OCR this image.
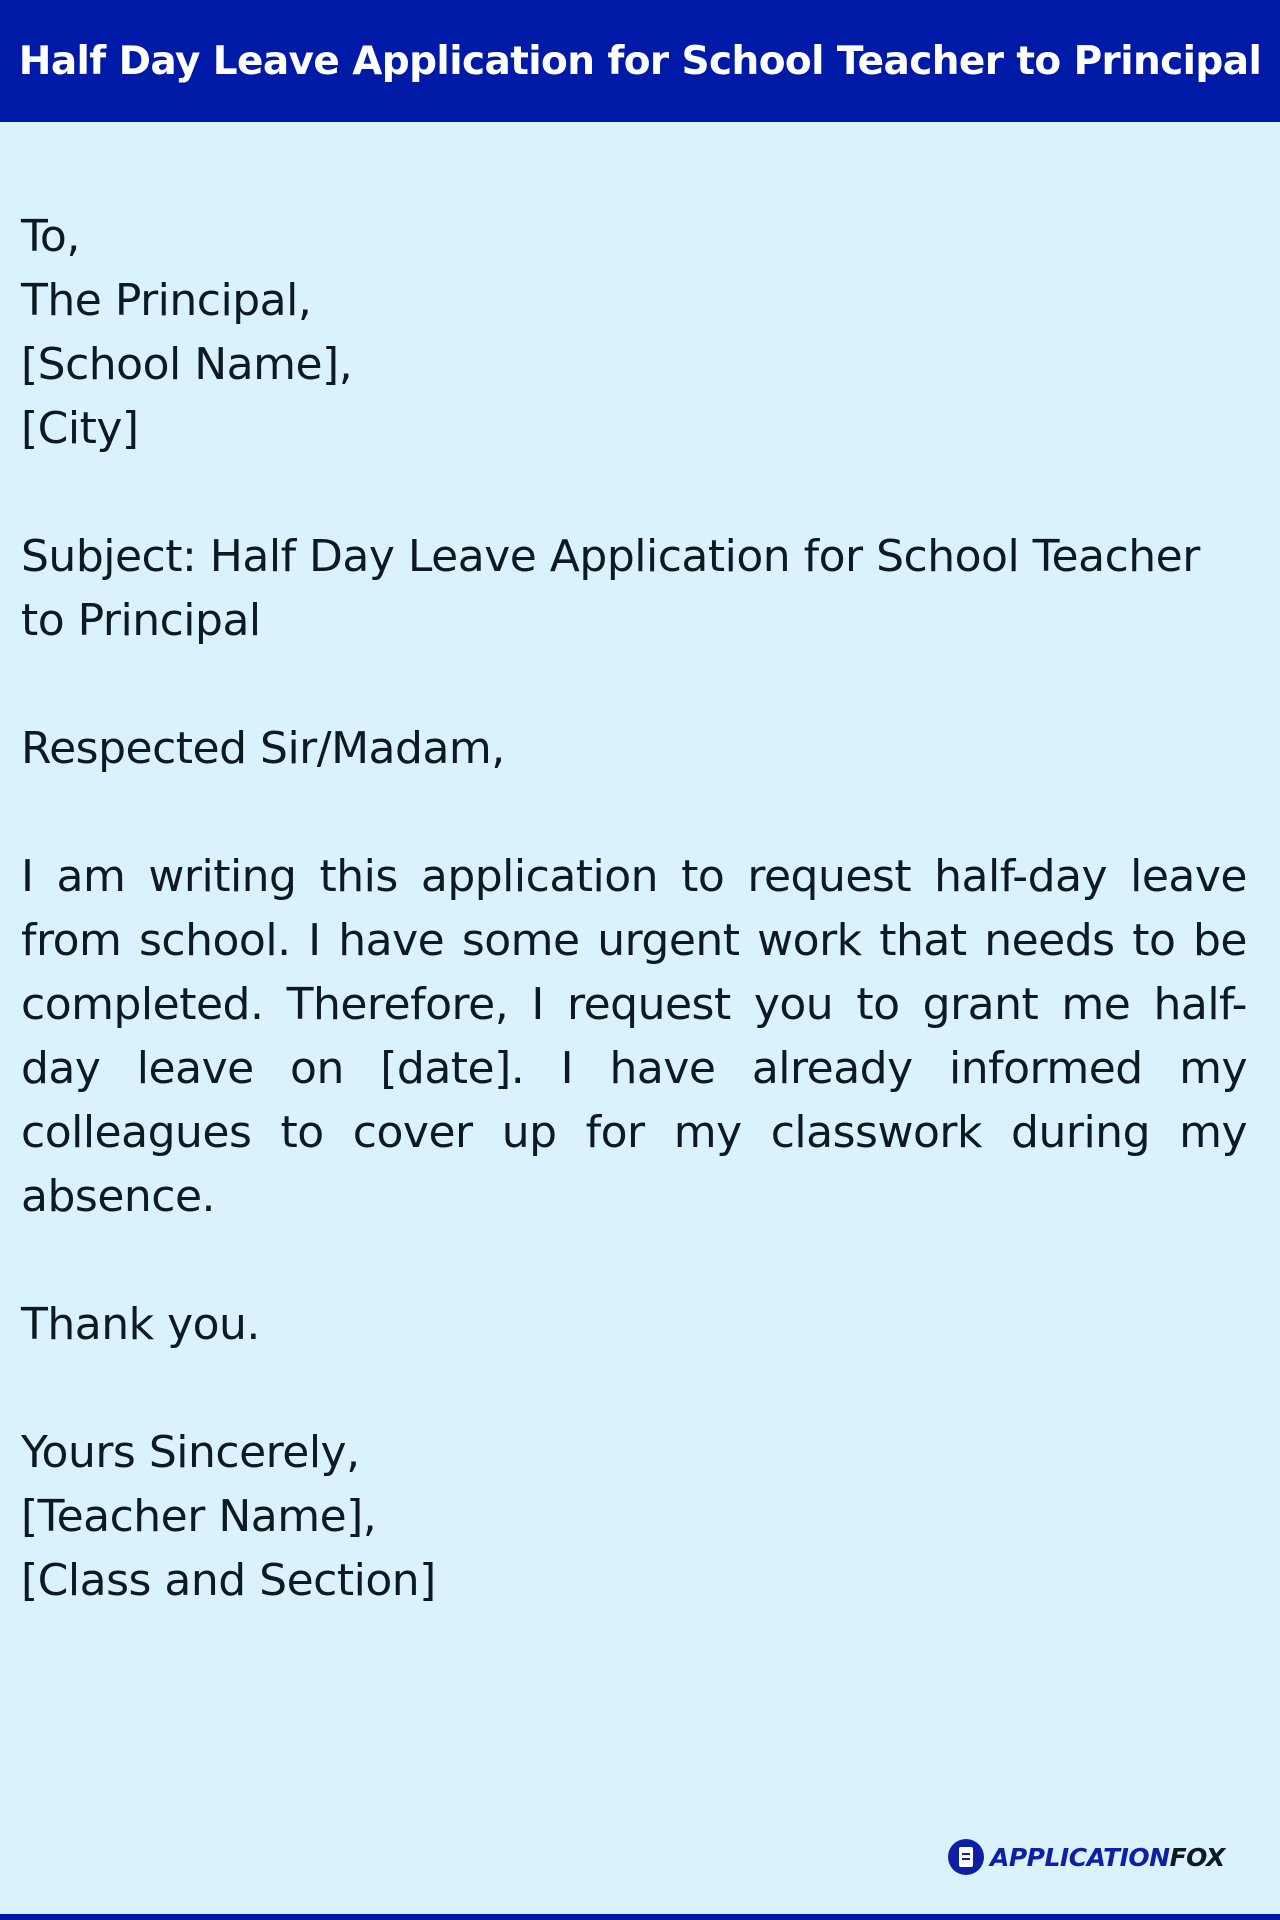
Half Day Leave Application for School Teacher to Principal
To,
The Principal,
[School Name],
[City]
Subject: Half Day Leave Application for School Teacher
to Principal
Respected Sir/Madam,
I am writing this application to request half-day leave from school. I have some urgent work that needs to be completed. Therefore, I request you to grant me half-day leave on [date]. I have already informed my colleagues to cover up for my classwork during my absence.
Thank you.
Yours Sincerely,
[Teacher Name],
[Class and Section]
APPLICATIONFOX
